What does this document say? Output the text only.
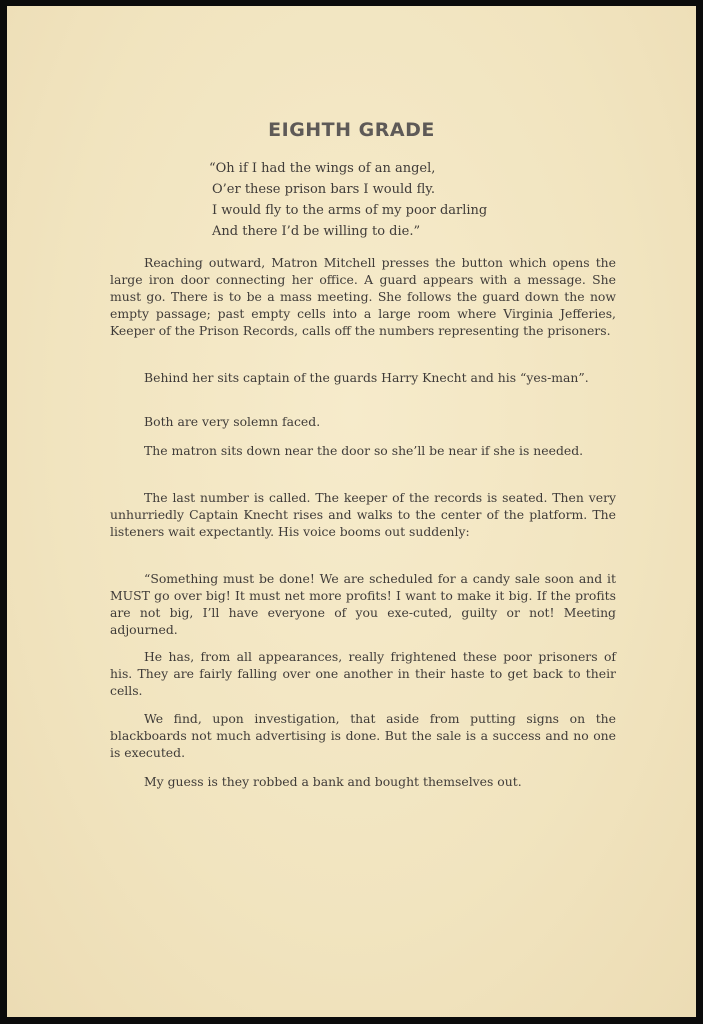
EIGHTH GRADE
“Oh if I had the wings of an angel,
O’er these prison bars I would fly.
I would fly to the arms of my poor darling
And there I’d be willing to die.”

Reaching outward, Matron Mitchell presses the button which opens the large iron door connecting her office. A guard appears with a message. She must go. There is to be a mass meeting. She follows the guard down the now empty passage; past empty cells into a large room where Virginia Jefferies, Keeper of the Prison Records, calls off the numbers representing the prisoners.

Behind her sits captain of the guards Harry Knecht and his “yes-man”.

Both are very solemn faced.

The matron sits down near the door so she’ll be near if she is needed.

The last number is called. The keeper of the records is seated. Then very unhurriedly Captain Knecht rises and walks to the center of the platform. The listeners wait expectantly. His voice booms out suddenly:

“Something must be done! We are scheduled for a candy sale soon and it MUST go over big! It must net more profits! I want to make it big. If the profits are not big, I’ll have everyone of you exe-cuted, guilty or not! Meeting adjourned.

He has, from all appearances, really frightened these poor prisoners of his. They are fairly falling over one another in their haste to get back to their cells.

We find, upon investigation, that aside from putting signs on the blackboards not much advertising is done. But the sale is a success and no one is executed.

My guess is they robbed a bank and bought themselves out.
